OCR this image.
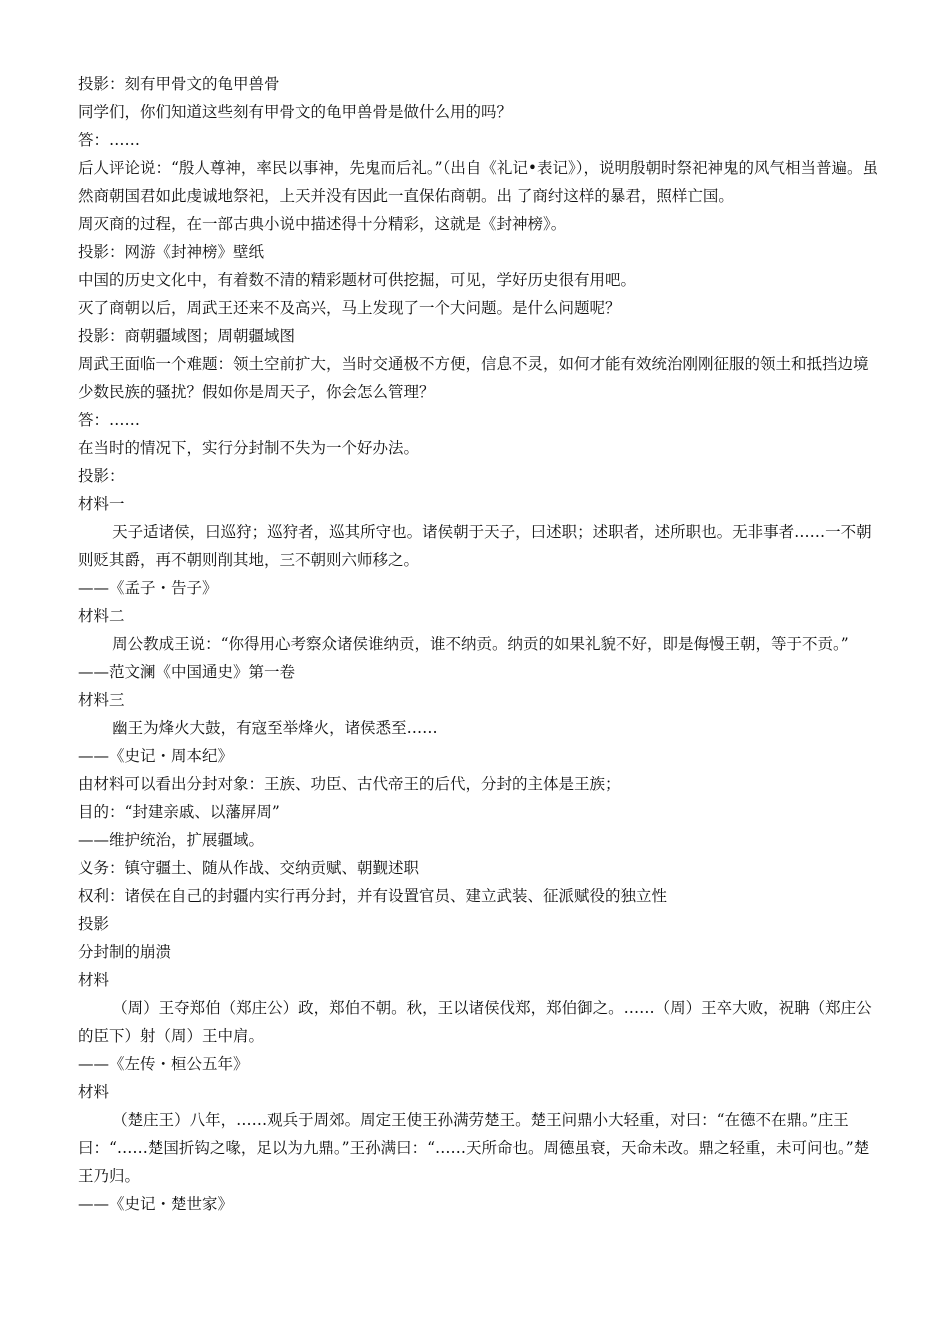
投影：刻有甲骨文的龟甲兽骨

同学们，你们知道这些刻有甲骨文的龟甲兽骨是做什么用的吗？

答：……

后人评论说：“殷人尊神，率民以事神，先鬼而后礼。”（出自《礼记•表记》），说明殷朝时祭祀神鬼的风气相当普遍。虽然商朝国君如此虔诚地祭祀，上天并没有因此一直保佑商朝。出 了商纣这样的暴君，照样亡国。

周灭商的过程，在一部古典小说中描述得十分精彩，这就是《封神榜》。

投影：网游《封神榜》壁纸

中国的历史文化中，有着数不清的精彩题材可供挖掘，可见，学好历史很有用吧。

灭了商朝以后，周武王还来不及高兴，马上发现了一个大问题。是什么问题呢？

投影：商朝疆域图；周朝疆域图

周武王面临一个难题：领土空前扩大，当时交通极不方便，信息不灵，如何才能有效统治刚刚征服的领土和抵挡边境少数民族的骚扰？假如你是周天子，你会怎么管理？

答：……

在当时的情况下，实行分封制不失为一个好办法。

投影：

材料一

天子适诸侯，曰巡狩；巡狩者，巡其所守也。诸侯朝于天子，曰述职；述职者，述所职也。无非事者……一不朝则贬其爵，再不朝则削其地，三不朝则六师移之。

——《孟子・告子》

材料二

周公教成王说：“你得用心考察众诸侯谁纳贡，谁不纳贡。纳贡的如果礼貌不好，即是侮慢王朝，等于不贡。”

——范文澜《中国通史》第一卷

材料三

幽王为烽火大鼓，有寇至举烽火，诸侯悉至……

——《史记・周本纪》

由材料可以看出分封对象：王族、功臣、古代帝王的后代，分封的主体是王族；

目的：“封建亲戚、以藩屏周”

——维护统治，扩展疆域。

义务：镇守疆土、随从作战、交纳贡赋、朝觐述职

权利：诸侯在自己的封疆内实行再分封，并有设置官员、建立武装、征派赋役的独立性

投影

分封制的崩溃

材料

（周）王夺郑伯（郑庄公）政，郑伯不朝。秋，王以诸侯伐郑，郑伯御之。……（周）王卒大败，祝聃（郑庄公的臣下）射（周）王中肩。

——《左传・桓公五年》

材料

（楚庄王）八年，……观兵于周郊。周定王使王孙满劳楚王。楚王问鼎小大轻重，对曰：“在德不在鼎。”庄王曰：“……楚国折钩之喙，足以为九鼎。”王孙满曰：“……天所命也。周德虽衰，天命未改。鼎之轻重，未可问也。”楚王乃归。

——《史记・楚世家》
